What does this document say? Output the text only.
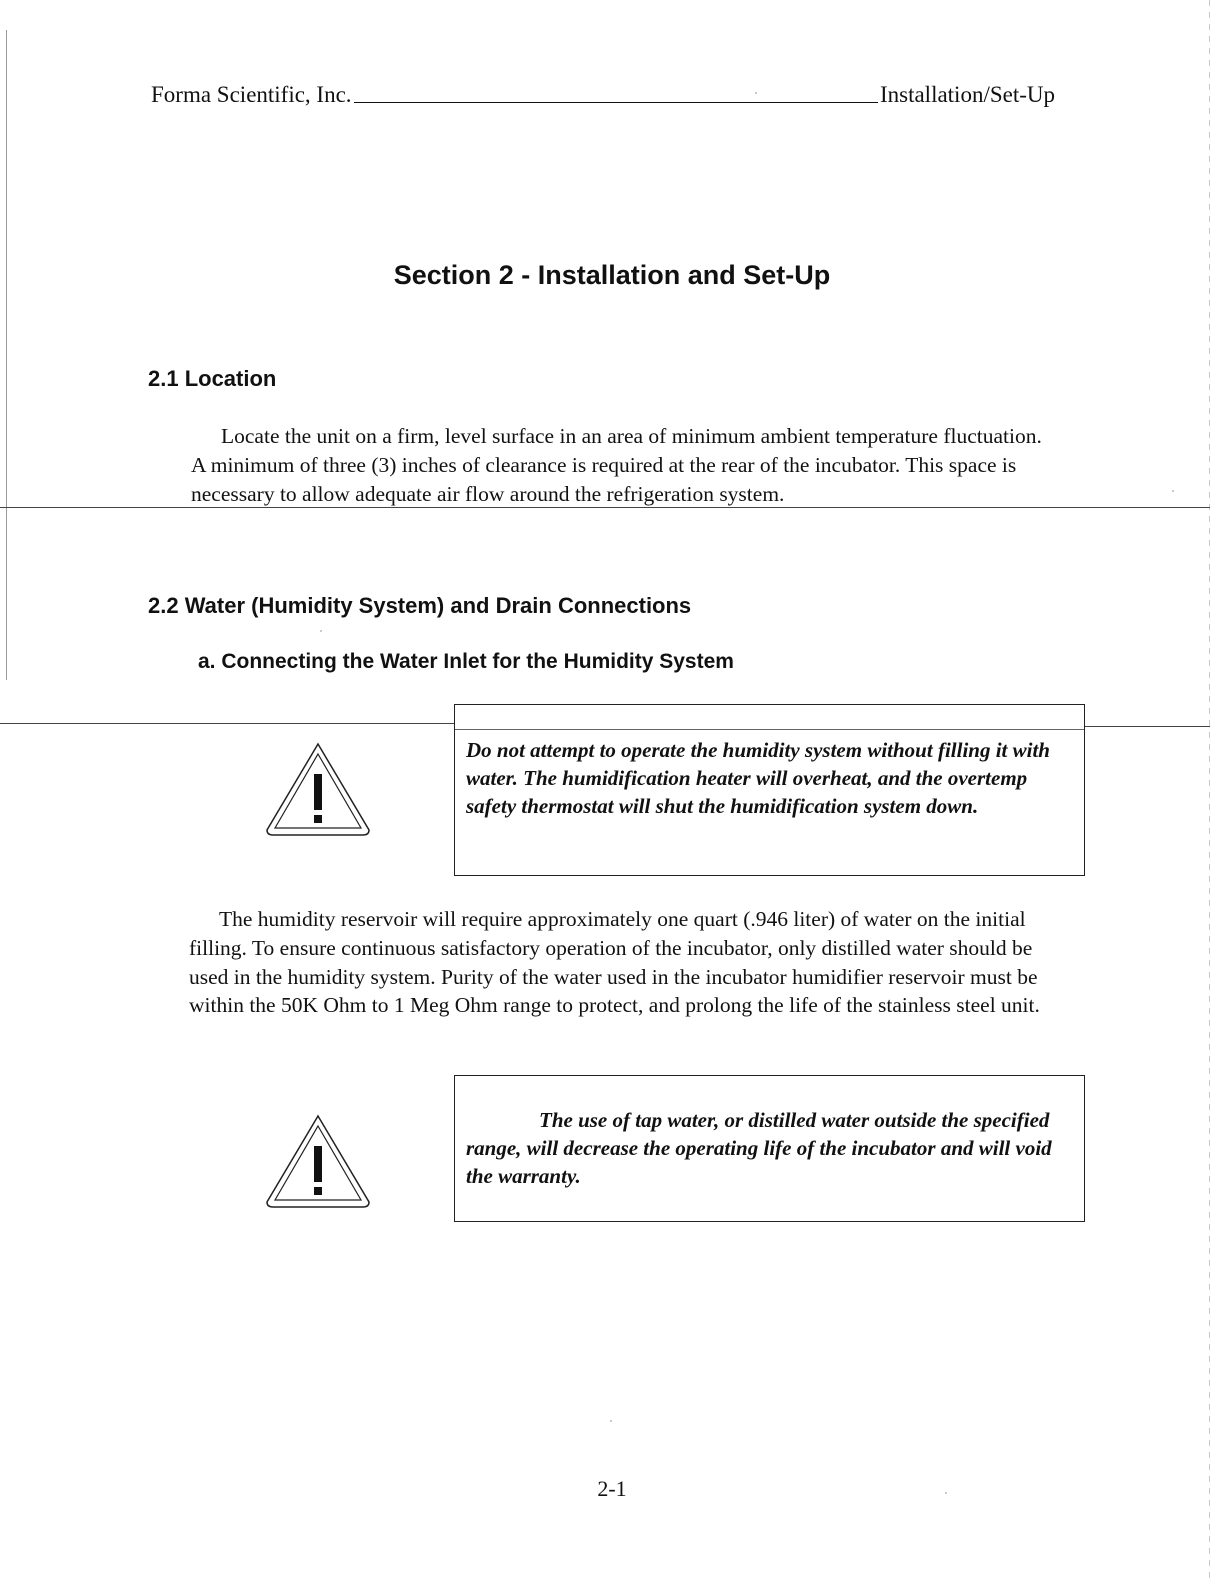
Forma Scientific, Inc.	Installation/Set-Up
Section 2 - Installation and Set-Up
2.1 Location

Locate the unit on a firm, level surface in an area of minimum ambient temperature fluctuation. A minimum of three (3) inches of clearance is required at the rear of the incubator. This space is necessary to allow adequate air flow around the refrigeration system.

2.2 Water (Humidity System) and Drain Connections
a. Connecting the Water Inlet for the Humidity System

Do not attempt to operate the humidity system without filling it with water. The humidification heater will overheat, and the overtemp safety thermostat will shut the humidification system down.

The humidity reservoir will require approximately one quart (.946 liter) of water on the initial filling. To ensure continuous satisfactory operation of the incubator, only distilled water should be used in the humidity system. Purity of the water used in the incubator humidifier reservoir must be within the 50K Ohm to 1 Meg Ohm range to protect, and prolong the life of the stainless steel unit.

The use of tap water, or distilled water outside the specified range, will decrease the operating life of the incubator and will void the warranty.

2-1
